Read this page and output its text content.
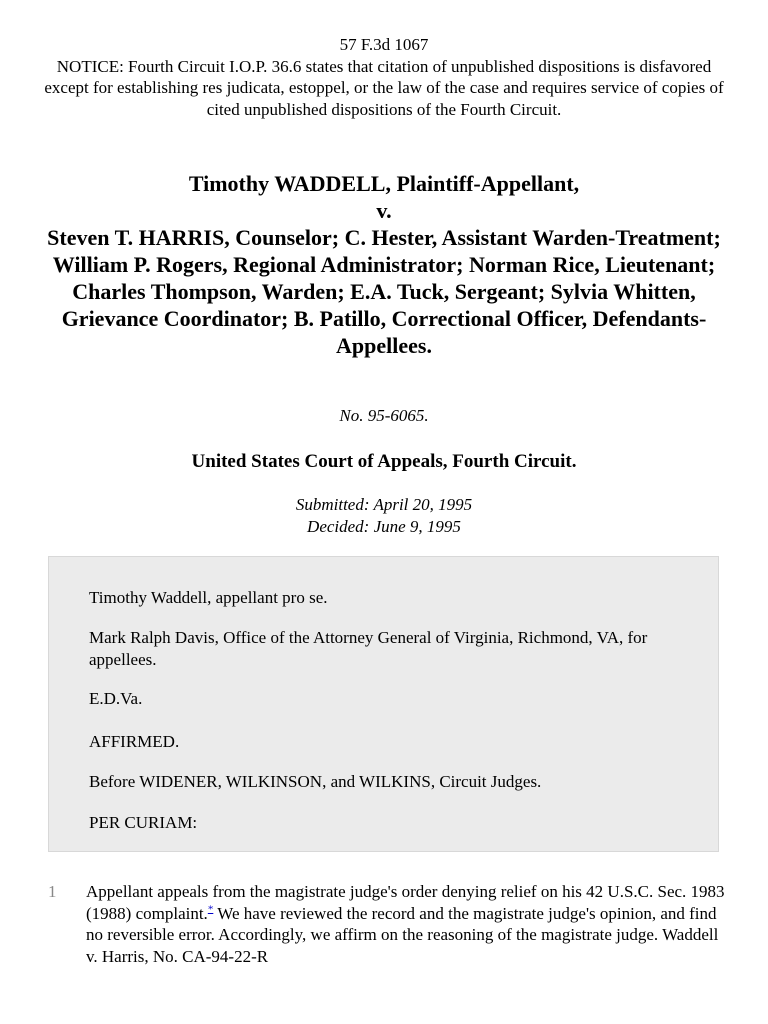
57 F.3d 1067
NOTICE: Fourth Circuit I.O.P. 36.6 states that citation of unpublished dispositions is disfavored except for establishing res judicata, estoppel, or the law of the case and requires service of copies of cited unpublished dispositions of the Fourth Circuit.
Timothy WADDELL, Plaintiff-Appellant,
v.
Steven T. HARRIS, Counselor; C. Hester, Assistant Warden-Treatment; William P. Rogers, Regional Administrator; Norman Rice, Lieutenant; Charles Thompson, Warden; E.A. Tuck, Sergeant; Sylvia Whitten, Grievance Coordinator; B. Patillo, Correctional Officer, Defendants-Appellees.
No. 95-6065.
United States Court of Appeals, Fourth Circuit.
Submitted: April 20, 1995
Decided: June 9, 1995

Timothy Waddell, appellant pro se.

Mark Ralph Davis, Office of the Attorney General of Virginia, Richmond, VA, for appellees.

E.D.Va.

AFFIRMED.

Before WIDENER, WILKINSON, and WILKINS, Circuit Judges.

PER CURIAM:

1 Appellant appeals from the magistrate judge's order denying relief on his 42 U.S.C. Sec. 1983 (1988) complaint.* We have reviewed the record and the magistrate judge's opinion, and find no reversible error. Accordingly, we affirm on the reasoning of the magistrate judge. Waddell v. Harris, No. CA-94-22-R
